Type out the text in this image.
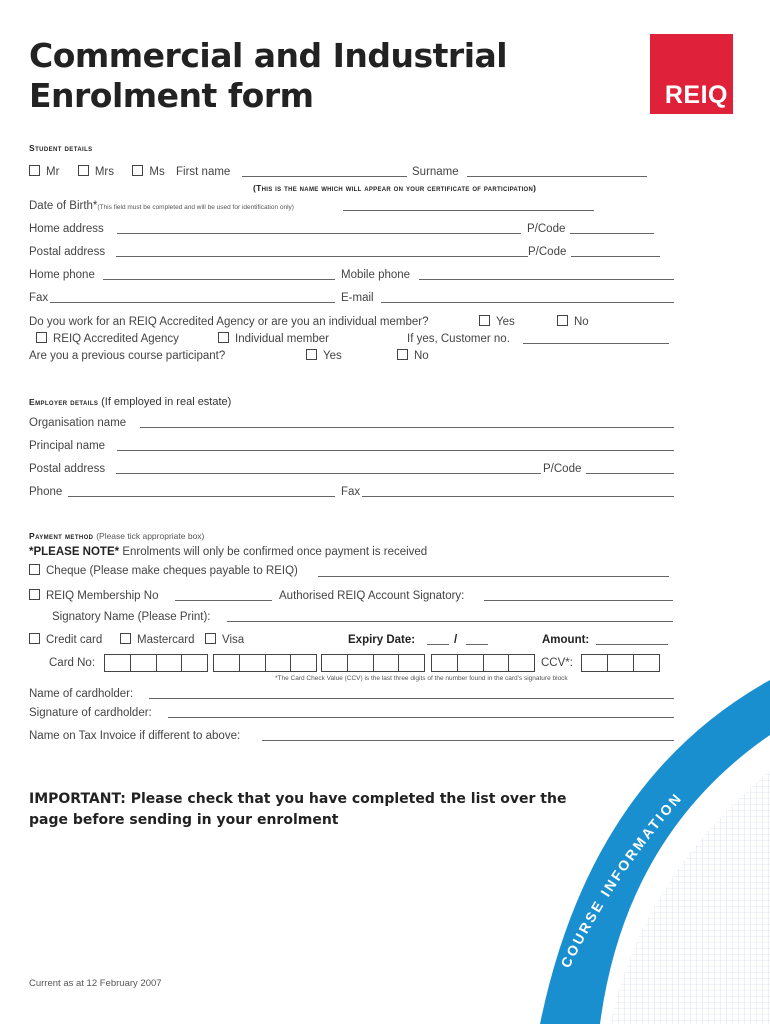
COURSE INFORMATION
Commercial and Industrial
Enrolment form	REIQ
Student details
Mr	Mrs	Ms First name	Surname
(This is the name which will appear on your certificate of participation)
Date of Birth*(This field must be completed and will be used for identification only)
Home address	P/Code
Postal address	P/Code
Home phone	Mobile phone
Fax	E-mail
Do you work for an REIQ Accredited Agency or are you an individual member?	Yes	No
REIQ Accredited Agency	Individual member	If yes, Customer no.
Are you a previous course participant?	Yes	No
Employer details (If employed in real estate)
Organisation name
Principal name
Postal address	P/Code
Phone	Fax
Payment method (Please tick appropriate box)
*PLEASE NOTE* Enrolments will only be confirmed once payment is received
Cheque (Please make cheques payable to REIQ)
REIQ Membership No	Authorised REIQ Account Signatory:
Signatory Name (Please Print):
Credit card	Mastercard	Visa	Expiry Date:	/	Amount:
Card No:	CCV*:
*The Card Check Value (CCV) is the last three digits of the number found in the card's signature block
Name of cardholder:
Signature of cardholder:
Name on Tax Invoice if different to above:
IMPORTANT: Please check that you have completed the list over the
page before sending in your enrolment
Current as at 12 February 2007
